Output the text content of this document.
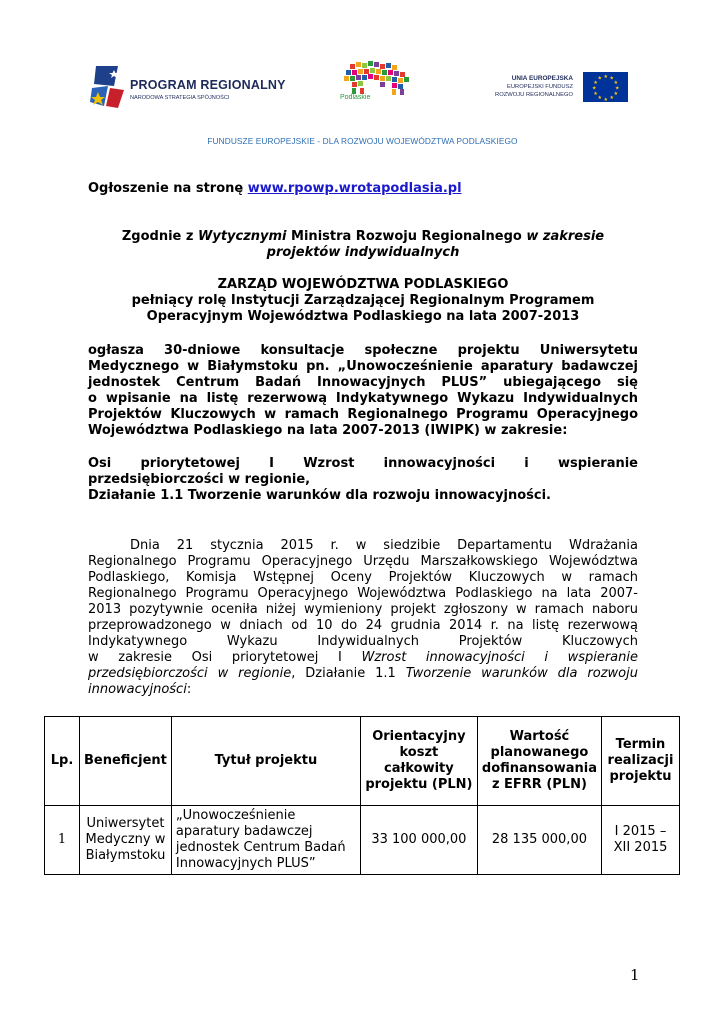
PROGRAM REGIONALNY
NARODOWA STRATEGIA SPÓJNOŚCI	Podlaskie
UNIA EUROPEJSKA
EUROPEJSKI FUNDUSZ
ROZWOJU REGIONALNEGO
★ ★
★
★
★
★
★
★
★
★
★
★
FUNDUSZE EUROPEJSKIE - DLA ROZWOJU WOJEWÓDZTWA PODLASKIEGO
Ogłoszenie na stronę www.rpowp.wrotapodlasia.pl
Zgodnie z Wytycznymi Ministra Rozwoju Regionalnego w zakresie
projektów indywidualnych
ZARZĄD WOJEWÓDZTWA PODLASKIEGO
pełniący rolę Instytucji Zarządzającej Regionalnym Programem
Operacyjnym Województwa Podlaskiego na lata 2007-2013
ogłasza 30-dniowe konsultacje społeczne projektu Uniwersytetu
Medycznego w Białymstoku pn. „Unowocześnienie aparatury badawczej
jednostek Centrum Badań Innowacyjnych PLUS” ubiegającego się
o wpisanie na listę rezerwową Indykatywnego Wykazu Indywidualnych
Projektów Kluczowych w ramach Regionalnego Programu Operacyjnego
Województwa Podlaskiego na lata 2007-2013 (IWIPK) w zakresie:
Osi priorytetowej I Wzrost innowacyjności i wspieranie
przedsiębiorczości w regionie,
Działanie 1.1 Tworzenie warunków dla rozwoju innowacyjności.
Dnia 21 stycznia 2015 r. w siedzibie Departamentu Wdrażania
Regionalnego Programu Operacyjnego Urzędu Marszałkowskiego Województwa
Podlaskiego, Komisja Wstępnej Oceny Projektów Kluczowych w ramach
Regionalnego Programu Operacyjnego Województwa Podlaskiego na lata 2007-
2013 pozytywnie oceniła niżej wymieniony projekt zgłoszony w ramach naboru
przeprowadzonego w dniach od 10 do 24 grudnia 2014 r. na listę rezerwową
Indykatywnego Wykazu Indywidualnych Projektów Kluczowych
w zakresie Osi priorytetowej I Wzrost innowacyjności i wspieranie
przedsiębiorczości w regionie, Działanie 1.1 Tworzenie warunków dla rozwoju
innowacyjności:
Lp.	Beneficjent	Tytuł projektu	Orientacyjny koszt całkowity projektu (PLN)	Wartość planowanego dofinansowania z EFRR (PLN)	Termin realizacji projektu
1	Uniwersytet Medyczny w Białymstoku	„Unowocześnienie aparatury badawczej jednostek Centrum Badań Innowacyjnych PLUS”	33 100 000,00	28 135 000,00	I 2015 – XII 2015
1
